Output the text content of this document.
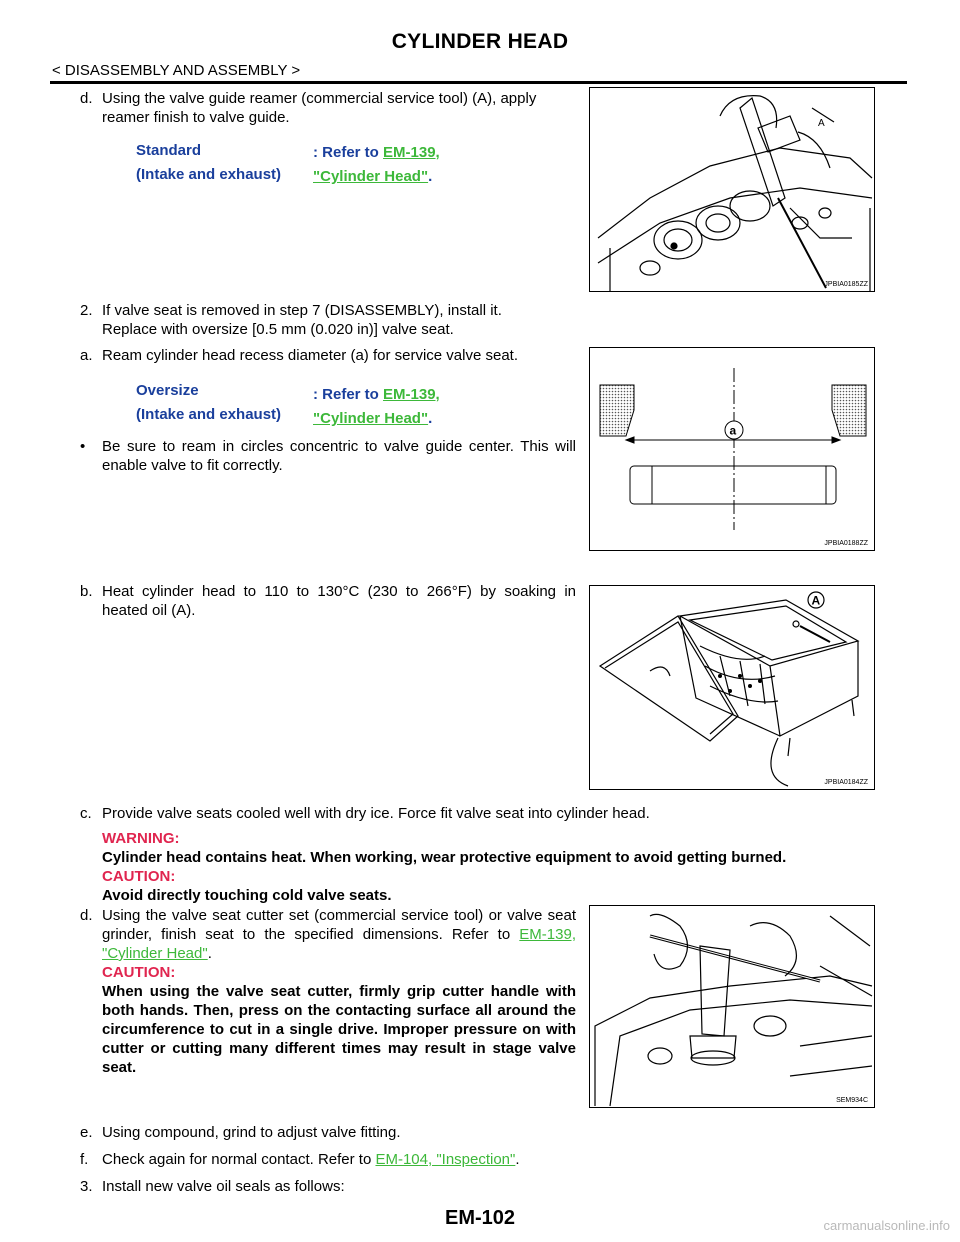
CYLINDER HEAD
< DISASSEMBLY AND ASSEMBLY >
d. Using the valve guide reamer (commercial service tool) (A), apply reamer finish to valve guide.
Standard
(Intake and exhaust)
: Refer to EM-139,
"Cylinder Head".
2. If valve seat is removed in step 7 (DISASSEMBLY), install it.
Replace with oversize [0.5 mm (0.020 in)] valve seat.
a. Ream cylinder head recess diameter (a) for service valve seat.
Oversize
(Intake and exhaust)
: Refer to EM-139,
"Cylinder Head".
• Be sure to ream in circles concentric to valve guide center. This will enable valve to fit correctly.
b. Heat cylinder head to 110 to 130°C (230 to 266°F) by soaking in heated oil (A).
c. Provide valve seats cooled well with dry ice. Force fit valve seat into cylinder head.
WARNING:
Cylinder head contains heat. When working, wear protective equipment to avoid getting burned.
CAUTION:
Avoid directly touching cold valve seats.
d. Using the valve seat cutter set (commercial service tool) or valve seat grinder, finish seat to the specified dimensions. Refer to EM-139, "Cylinder Head".
CAUTION:
When using the valve seat cutter, firmly grip cutter handle with both hands. Then, press on the contacting surface all around the circumference to cut in a single drive. Improper pressure on with cutter or cutting many different times may result in stage valve seat.
e. Using compound, grind to adjust valve fitting.
f. Check again for normal contact. Refer to EM-104, "Inspection".
3. Install new valve oil seals as follows:
A
JPBIA0185ZZ
a
JPBIA0188ZZ
A
JPBIA0184ZZ
SEM934C
EM-102	carmanualsonline.info
